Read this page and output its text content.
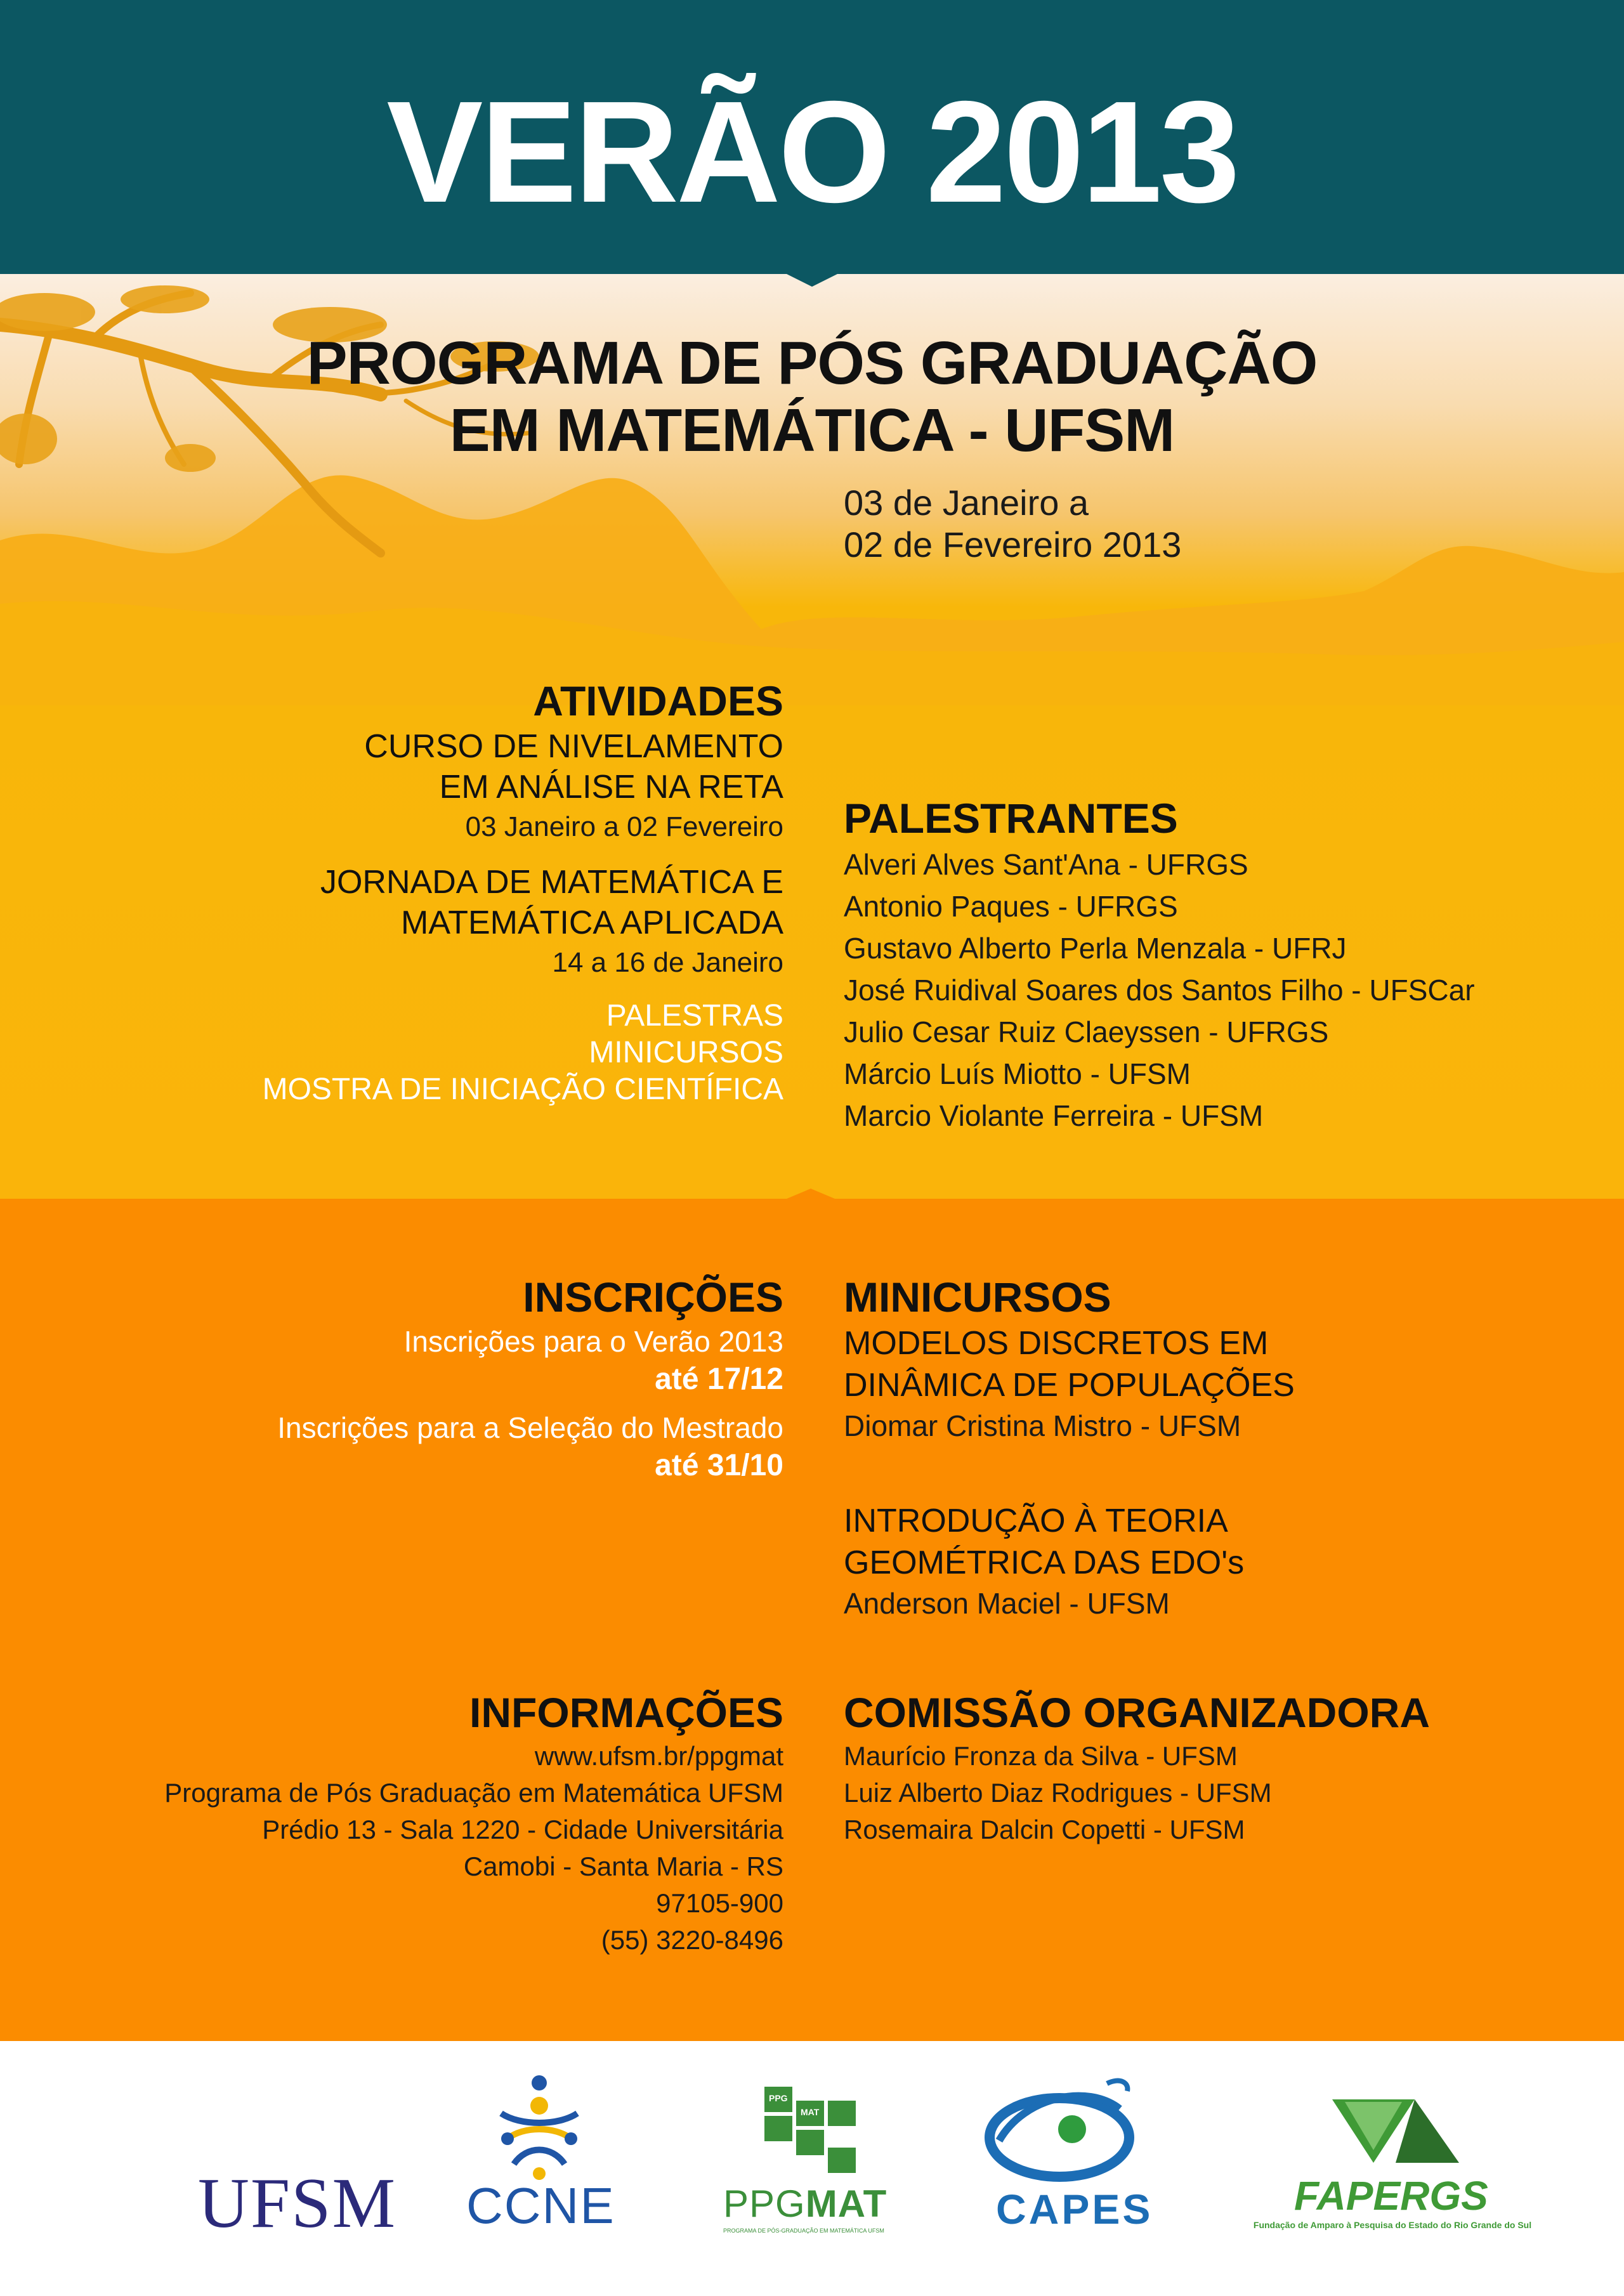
VERÃO 2013
PROGRAMA DE PÓS GRADUAÇÃO
EM MATEMÁTICA - UFSM
03 de Janeiro a
02 de Fevereiro 2013
ATIVIDADES
CURSO DE NIVELAMENTO
EM ANÁLISE NA RETA
03 Janeiro a 02 Fevereiro
JORNADA DE MATEMÁTICA E
MATEMÁTICA APLICADA
14 a 16 de Janeiro
PALESTRAS
MINICURSOS
MOSTRA DE INICIAÇÃO CIENTÍFICA
PALESTRANTES
Alveri Alves Sant'Ana - UFRGS
Antonio Paques - UFRGS
Gustavo Alberto Perla Menzala - UFRJ
José Ruidival Soares dos Santos Filho - UFSCar
Julio Cesar Ruiz Claeyssen - UFRGS
Márcio Luís Miotto - UFSM
Marcio Violante Ferreira - UFSM
INSCRIÇÕES
Inscrições para o Verão 2013
até 17/12
Inscrições para a Seleção do Mestrado
até 31/10
MINICURSOS
MODELOS DISCRETOS EM
DINÂMICA DE POPULAÇÕES
Diomar Cristina Mistro - UFSM
INTRODUÇÃO À TEORIA
GEOMÉTRICA DAS EDO's
Anderson Maciel - UFSM
INFORMAÇÕES
www.ufsm.br/ppgmat
Programa de Pós Graduação em Matemática UFSM
Prédio 13 - Sala 1220 - Cidade Universitária
Camobi - Santa Maria - RS
97105-900
(55) 3220-8496
COMISSÃO ORGANIZADORA
Maurício Fronza da Silva - UFSM
Luiz Alberto Diaz Rodrigues - UFSM
Rosemaira Dalcin Copetti - UFSM
UFSM CCNE
PPG
MAT
PPGMAT
PROGRAMA DE PÓS-GRADUAÇÃO EM MATEMÁTICA UFSM	CAPES	FAPERGS
Fundação de Amparo à Pesquisa do Estado do Rio Grande do Sul
